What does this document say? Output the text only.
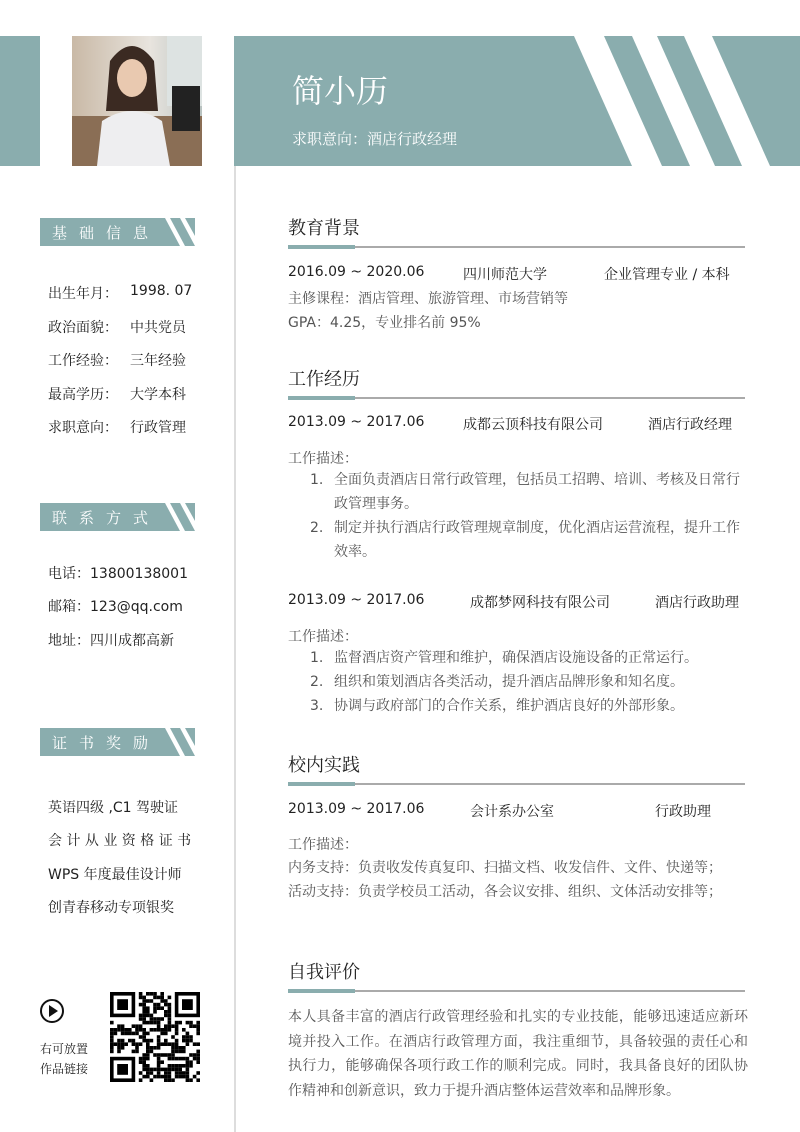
简小历
求职意向：酒店行政经理
基础信息
出生年月： 1998. 07
政治面貌： 中共党员
工作经验： 三年经验
最高学历： 大学本科
求职意向： 行政管理
联系方式
电话：13800138001
邮箱：123@qq.com
地址：四川成都高新
证书奖励
英语四级 ,C1 驾驶证
会 计 从 业 资 格 证 书
WPS 年度最佳设计师
创青春移动专项银奖
右可放置
作品链接
教育背景
2016.09 ~ 2020.06	四川师范大学	企业管理专业 / 本科
主修课程：酒店管理、旅游管理、市场营销等
GPA：4.25，专业排名前 95%
工作经历
2013.09 ~ 2017.06	成都云顶科技有限公司	酒店行政经理
工作描述：
1. 全面负责酒店日常行政管理，包括员工招聘、培训、考核及日常行政管理事务。
2. 制定并执行酒店行政管理规章制度，优化酒店运营流程，提升工作效率。
2013.09 ~ 2017.06	成都梦网科技有限公司	酒店行政助理
工作描述：
1. 监督酒店资产管理和维护，确保酒店设施设备的正常运行。
2. 组织和策划酒店各类活动，提升酒店品牌形象和知名度。
3. 协调与政府部门的合作关系，维护酒店良好的外部形象。
校内实践
2013.09 ~ 2017.06	会计系办公室	行政助理
工作描述：
内务支持：负责收发传真复印、扫描文档、收发信件、文件、快递等；
活动支持：负责学校员工活动，各会议安排、组织、文体活动安排等；
自我评价
本人具备丰富的酒店行政管理经验和扎实的专业技能，能够迅速适应新环境并投入工作。在酒店行政管理方面，我注重细节，具备较强的责任心和执行力，能够确保各项行政工作的顺利完成。同时，我具备良好的团队协作精神和创新意识，致力于提升酒店整体运营效率和品牌形象。
